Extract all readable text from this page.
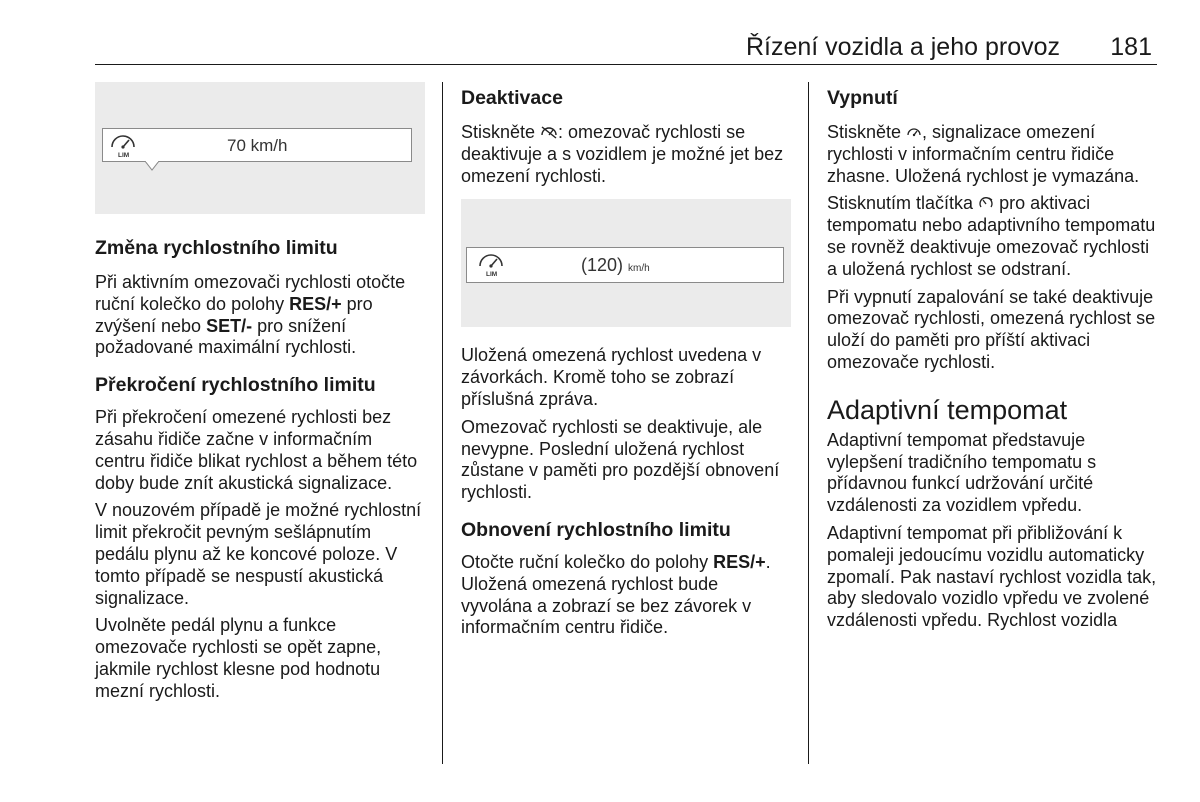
Řízení vozidla a jeho provoz 181
LIM
70 km/h
Změna rychlostního limitu
Při aktivním omezovači rychlosti otočte ruční kolečko do polohy RES/+ pro zvýšení nebo SET/- pro snížení požadované maximální rychlosti.
Překročení rychlostního limitu
Při překročení omezené rychlosti bez zásahu řidiče začne v informačním centru řidiče blikat rychlost a během této doby bude znít akustická signalizace.
V nouzovém případě je možné rychlostní limit překročit pevným sešlápnutím pedálu plynu až ke koncové poloze. V tomto případě se nespustí akustická signalizace.
Uvolněte pedál plynu a funkce omezovače rychlosti se opět zapne, jakmile rychlost klesne pod hodnotu mezní rychlosti.
Deaktivace
Stiskněte : omezovač rychlosti se deaktivuje a s vozidlem je možné jet bez omezení rychlosti.
LIM	(120) km/h
Uložená omezená rychlost uvedena v závorkách. Kromě toho se zobrazí příslušná zpráva.
Omezovač rychlosti se deaktivuje, ale nevypne. Poslední uložená rychlost zůstane v paměti pro pozdější obnovení rychlosti.
Obnovení rychlostního limitu
Otočte ruční kolečko do polohy RES/+. Uložená omezená rychlost bude vyvolána a zobrazí se bez závorek v informačním centru řidiče.
Vypnutí
Stiskněte , signalizace omezení rychlosti v informačním centru řidiče zhasne. Uložená rychlost je vymazána.
Stisknutím tlačítka  pro aktivaci tempomatu nebo adaptivního tempomatu se rovněž deaktivuje omezovač rychlosti a uložená rychlost se odstraní.
Při vypnutí zapalování se také deaktivuje omezovač rychlosti, omezená rychlost se uloží do paměti pro příští aktivaci omezovače rychlosti.
Adaptivní tempomat
Adaptivní tempomat představuje vylepšení tradičního tempomatu s přídavnou funkcí udržování určité vzdálenosti za vozidlem vpředu.
Adaptivní tempomat při přibližování k pomaleji jedoucímu vozidlu automaticky zpomalí. Pak nastaví rychlost vozidla tak, aby sledovalo vozidlo vpředu ve zvolené vzdálenosti vpředu. Rychlost vozidla
